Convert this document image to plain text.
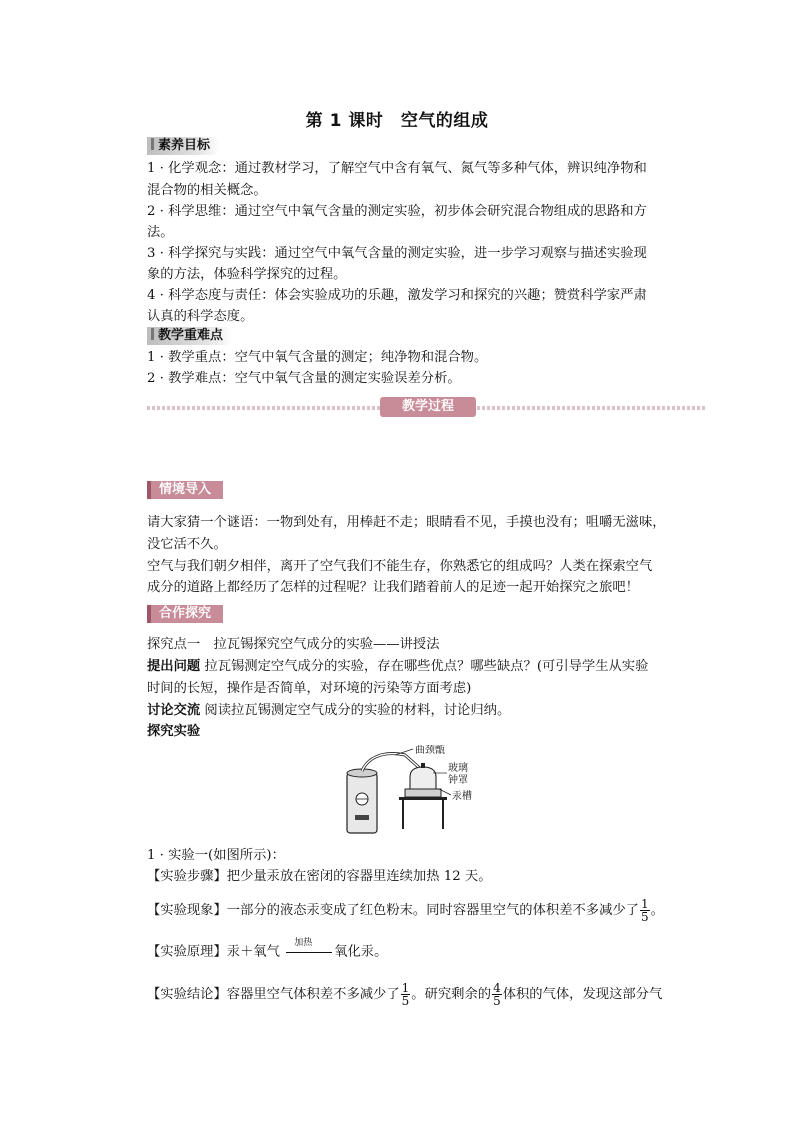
第 1 课时　空气的组成
素养目标
1 · 化学观念：通过教材学习，了解空气中含有氧气、氮气等多种气体，辨识纯净物和
混合物的相关概念。
2 · 科学思维：通过空气中氧气含量的测定实验，初步体会研究混合物组成的思路和方
法。
3 · 科学探究与实践：通过空气中氧气含量的测定实验，进一步学习观察与描述实验现
象的方法，体验科学探究的过程。
4 · 科学态度与责任：体会实验成功的乐趣，激发学习和探究的兴趣；赞赏科学家严肃
认真的科学态度。
教学重难点
1 · 教学重点：空气中氧气含量的测定；纯净物和混合物。
2 · 教学难点：空气中氧气含量的测定实验误差分析。
教学过程
情境导入
请大家猜一个谜语：一物到处有，用棒赶不走；眼睛看不见，手摸也没有；咀嚼无滋味，
没它活不久。
空气与我们朝夕相伴，离开了空气我们不能生存，你熟悉它的组成吗？人类在探索空气
成分的道路上都经历了怎样的过程呢？让我们踏着前人的足迹一起开始探究之旅吧！
合作探究
探究点一　拉瓦锡探究空气成分的实验——讲授法
提出问题 拉瓦锡测定空气成分的实验，存在哪些优点？哪些缺点？(可引导学生从实验
时间的长短，操作是否简单，对环境的污染等方面考虑)
讨论交流 阅读拉瓦锡测定空气成分的实验的材料，讨论归纳。
探究实验
曲颈甑
玻璃
钟罩
汞槽
1 · 实验一(如图所示)：
【实验步骤】把少量汞放在密闭的容器里连续加热 12 天。
【实验现象】一部分的液态汞变成了红色粉末。同时容器里空气的体积差不多减少了 $\frac{1}{5}$ 。
【实验原理】汞＋氧气
加热
氧化汞。
【实验结论】容器里空气体积差不多减少了 $\frac{1}{5}$ 。研究剩余的 $\frac{4}{5}$ 体积的气体，发现这部分气
